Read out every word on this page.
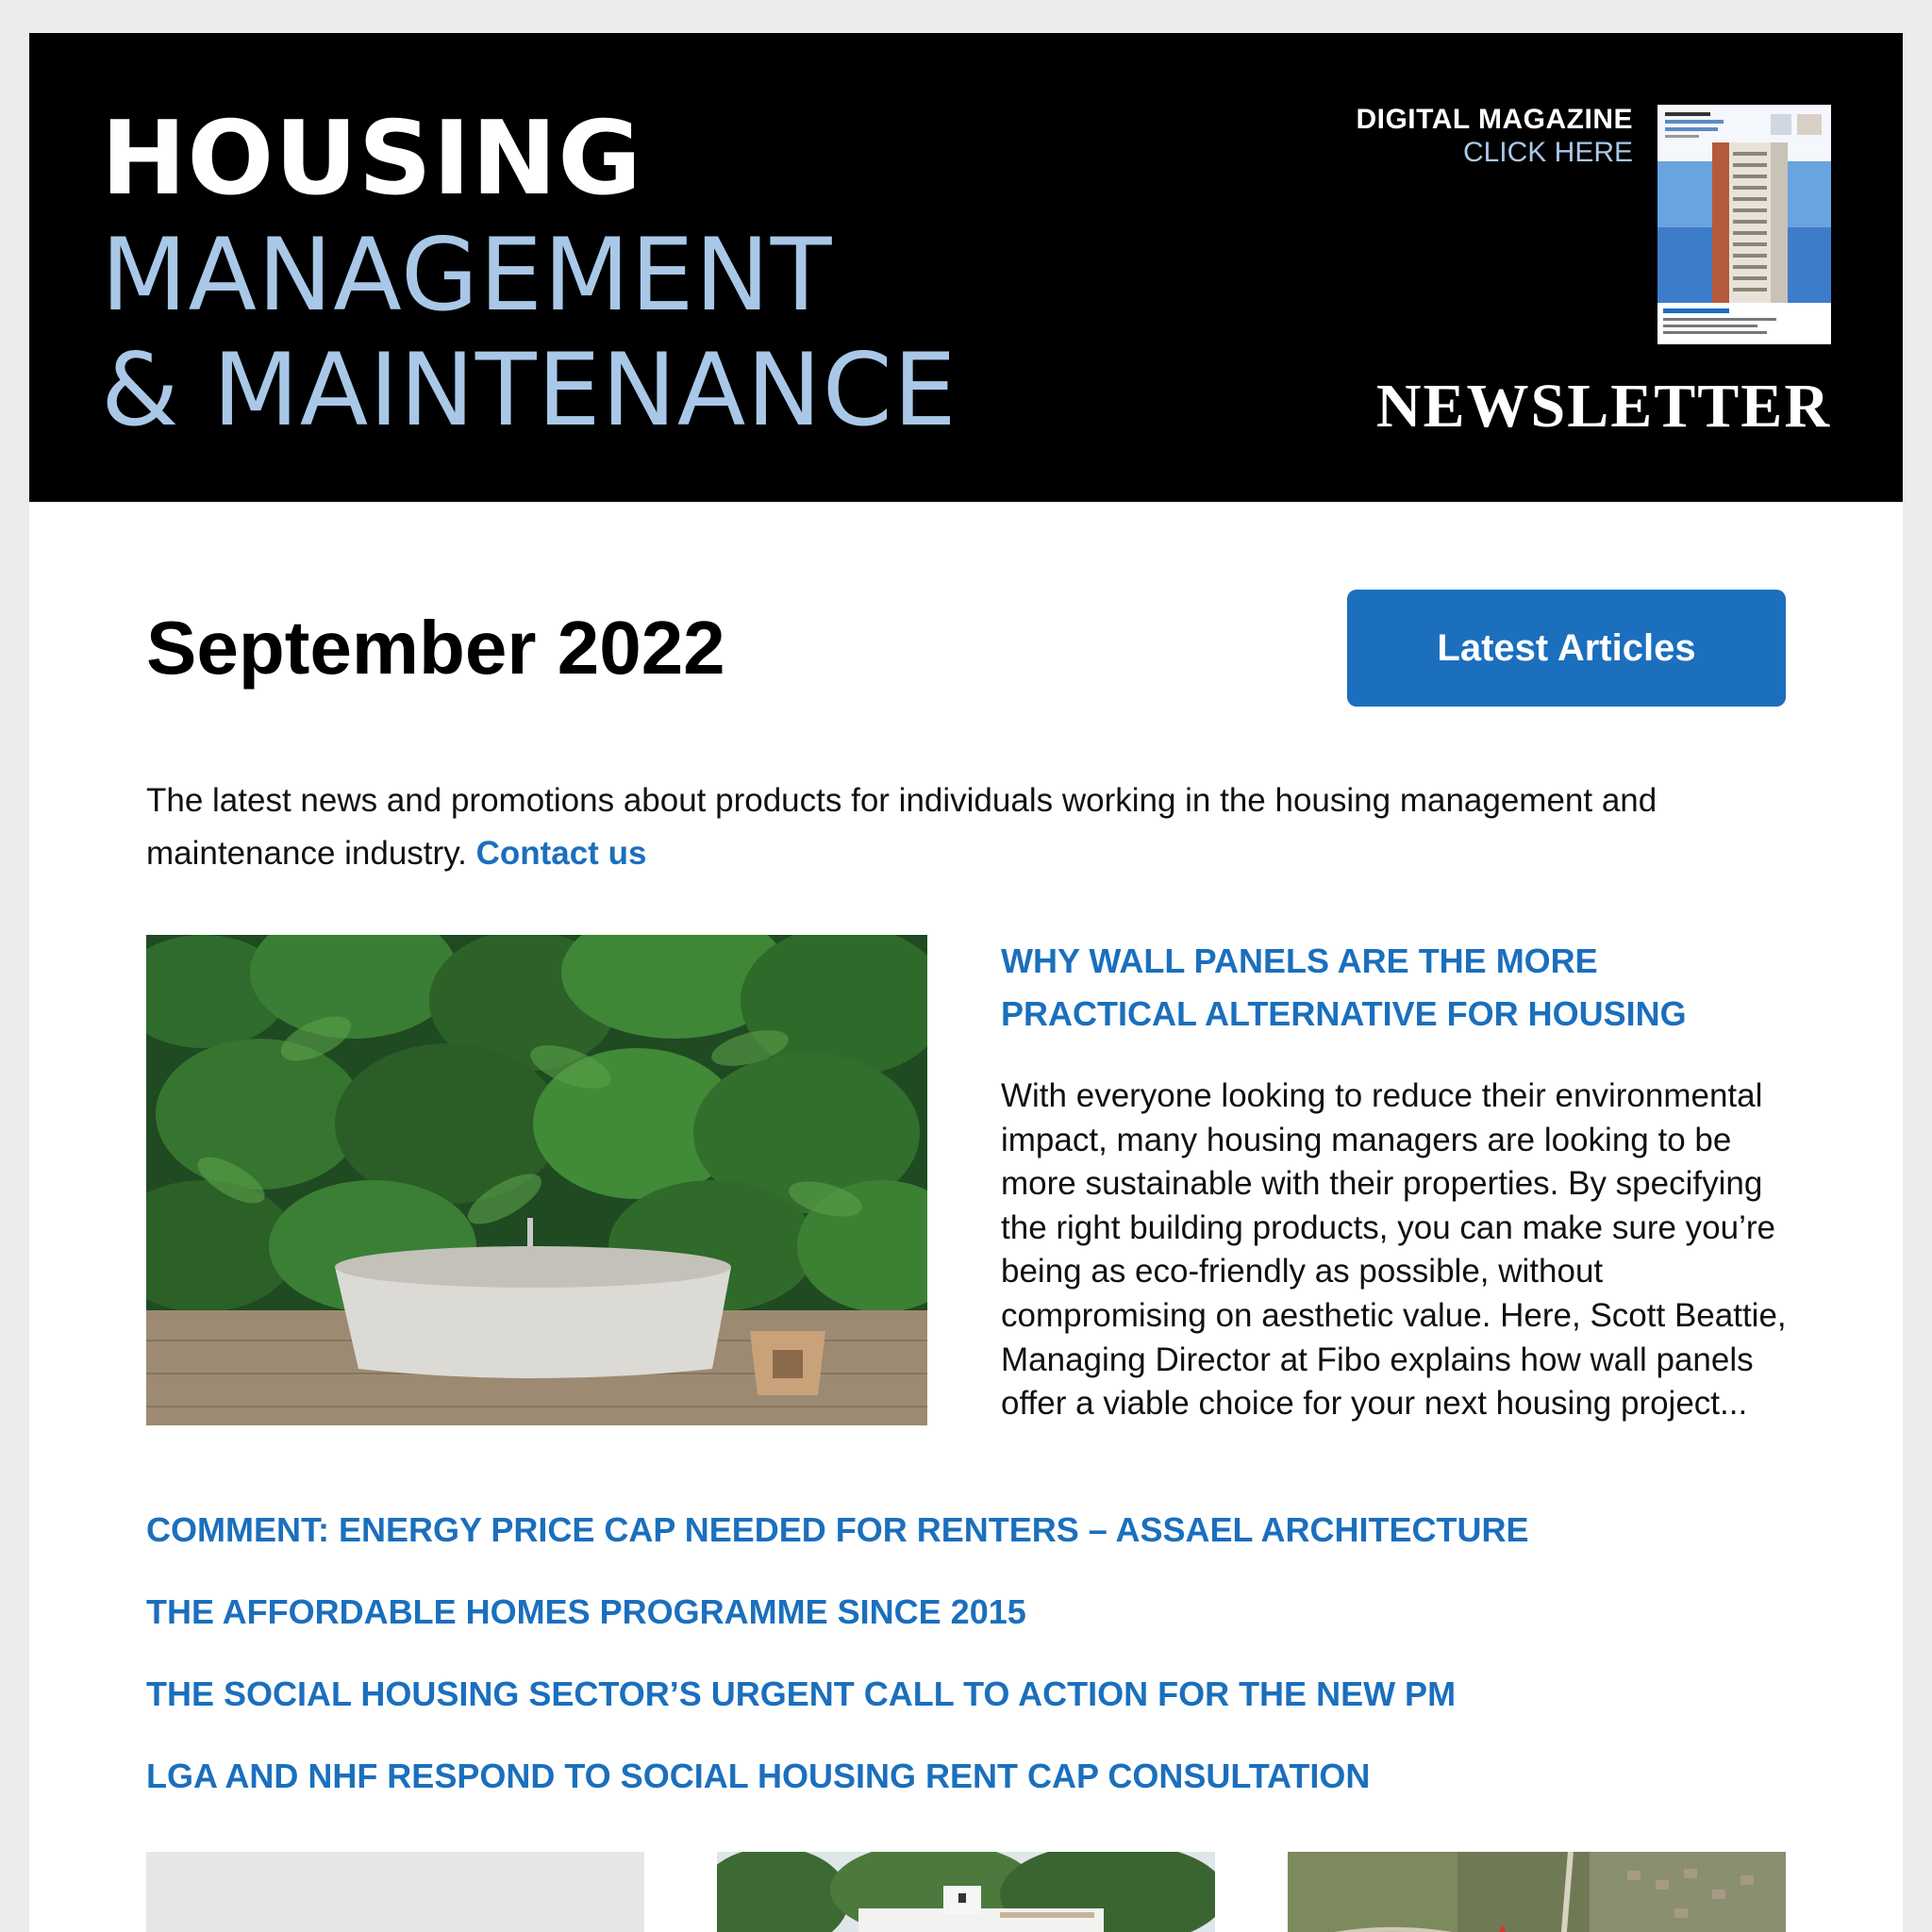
HOUSING
MANAGEMENT
& MAINTENANCE
DIGITAL MAGAZINE
CLICK HERE
NEWSLETTER
September 2022	Latest Articles
The latest news and promotions about products for individuals working in the housing management and maintenance industry. Contact us
WHY WALL PANELS ARE THE MORE PRACTICAL ALTERNATIVE FOR HOUSING
With everyone looking to reduce their environmental impact, many housing managers are looking to be more sustainable with their properties. By specifying the right building products, you can make sure you’re being as eco-friendly as possible, without compromising on aesthetic value. Here, Scott Beattie, Managing Director at Fibo explains how wall panels offer a viable choice for your next housing project...
COMMENT: ENERGY PRICE CAP NEEDED FOR RENTERS – ASSAEL ARCHITECTURE
THE AFFORDABLE HOMES PROGRAMME SINCE 2015
THE SOCIAL HOUSING SECTOR’S URGENT CALL TO ACTION FOR THE NEW PM
LGA AND NHF RESPOND TO SOCIAL HOUSING RENT CAP CONSULTATION
